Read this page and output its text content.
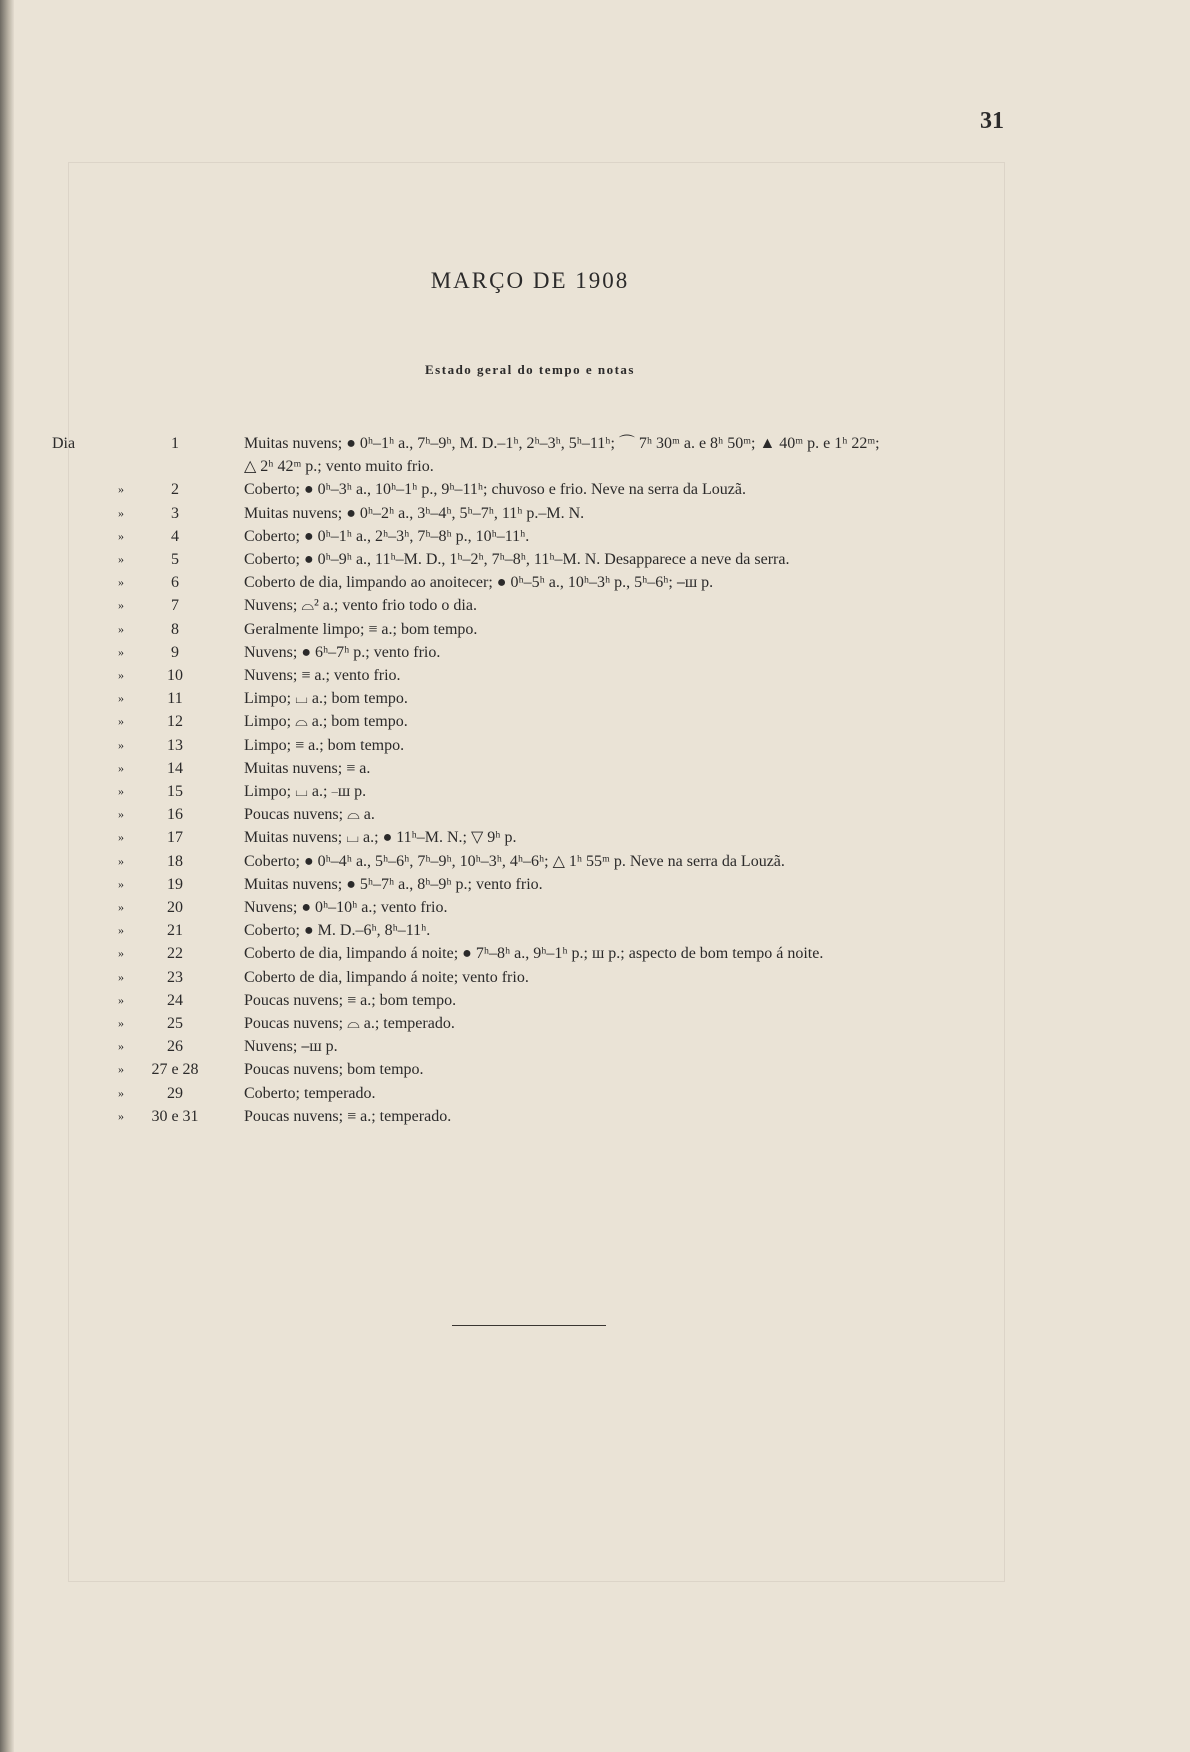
31
MARÇO DE 1908
Estado geral do tempo e notas
Dia	1	Muitas nuvens; ● 0ʰ–1ʰ a., 7ʰ–9ʰ, M. D.–1ʰ, 2ʰ–3ʰ, 5ʰ–11ʰ; ⌒ 7ʰ 30ᵐ a. e 8ʰ 50ᵐ; ▲ 40ᵐ p. e 1ʰ 22ᵐ;
△ 2ʰ 42ᵐ p.; vento muito frio.
»	2	Coberto; ● 0ʰ–3ʰ a., 10ʰ–1ʰ p., 9ʰ–11ʰ; chuvoso e frio. Neve na serra da Louzã.
»	3	Muitas nuvens; ● 0ʰ–2ʰ a., 3ʰ–4ʰ, 5ʰ–7ʰ, 11ʰ p.–M. N.
»	4	Coberto; ● 0ʰ–1ʰ a., 2ʰ–3ʰ, 7ʰ–8ʰ p., 10ʰ–11ʰ.
»	5	Coberto; ● 0ʰ–9ʰ a., 11ʰ–M. D., 1ʰ–2ʰ, 7ʰ–8ʰ, 11ʰ–M. N. Desapparece a neve da serra.
»	6	Coberto de dia, limpando ao anoitecer; ● 0ʰ–5ʰ a., 10ʰ–3ʰ p., 5ʰ–6ʰ; ⎯ш p.
»	7	Nuvens; ⌓² a.; vento frio todo o dia.
»	8	Geralmente limpo; ≡ a.; bom tempo.
»	9	Nuvens; ● 6ʰ–7ʰ p.; vento frio.
»	10	Nuvens; ≡ a.; vento frio.
»	11	Limpo; ⌴ a.; bom tempo.
»	12	Limpo; ⌓ a.; bom tempo.
»	13	Limpo; ≡ a.; bom tempo.
»	14	Muitas nuvens; ≡ a.
»	15	Limpo; ⌴ a.; ⎯ш p.
»	16	Poucas nuvens; ⌓ a.
»	17	Muitas nuvens; ⌴ a.; ● 11ʰ–M. N.; ▽ 9ʰ p.
»	18	Coberto; ● 0ʰ–4ʰ a., 5ʰ–6ʰ, 7ʰ–9ʰ, 10ʰ–3ʰ, 4ʰ–6ʰ; △ 1ʰ 55ᵐ p. Neve na serra da Louzã.
»	19	Muitas nuvens; ● 5ʰ–7ʰ a., 8ʰ–9ʰ p.; vento frio.
»	20	Nuvens; ● 0ʰ–10ʰ a.; vento frio.
»	21	Coberto; ● M. D.–6ʰ, 8ʰ–11ʰ.
»	22	Coberto de dia, limpando á noite; ● 7ʰ–8ʰ a., 9ʰ–1ʰ p.; ш p.; aspecto de bom tempo á noite.
»	23	Coberto de dia, limpando á noite; vento frio.
»	24	Poucas nuvens; ≡ a.; bom tempo.
»	25	Poucas nuvens; ⌓ a.; temperado.
»	26	Nuvens; ⎯ш p.
»	27 e 28	Poucas nuvens; bom tempo.
»	29	Coberto; temperado.
»	30 e 31	Poucas nuvens; ≡ a.; temperado.
